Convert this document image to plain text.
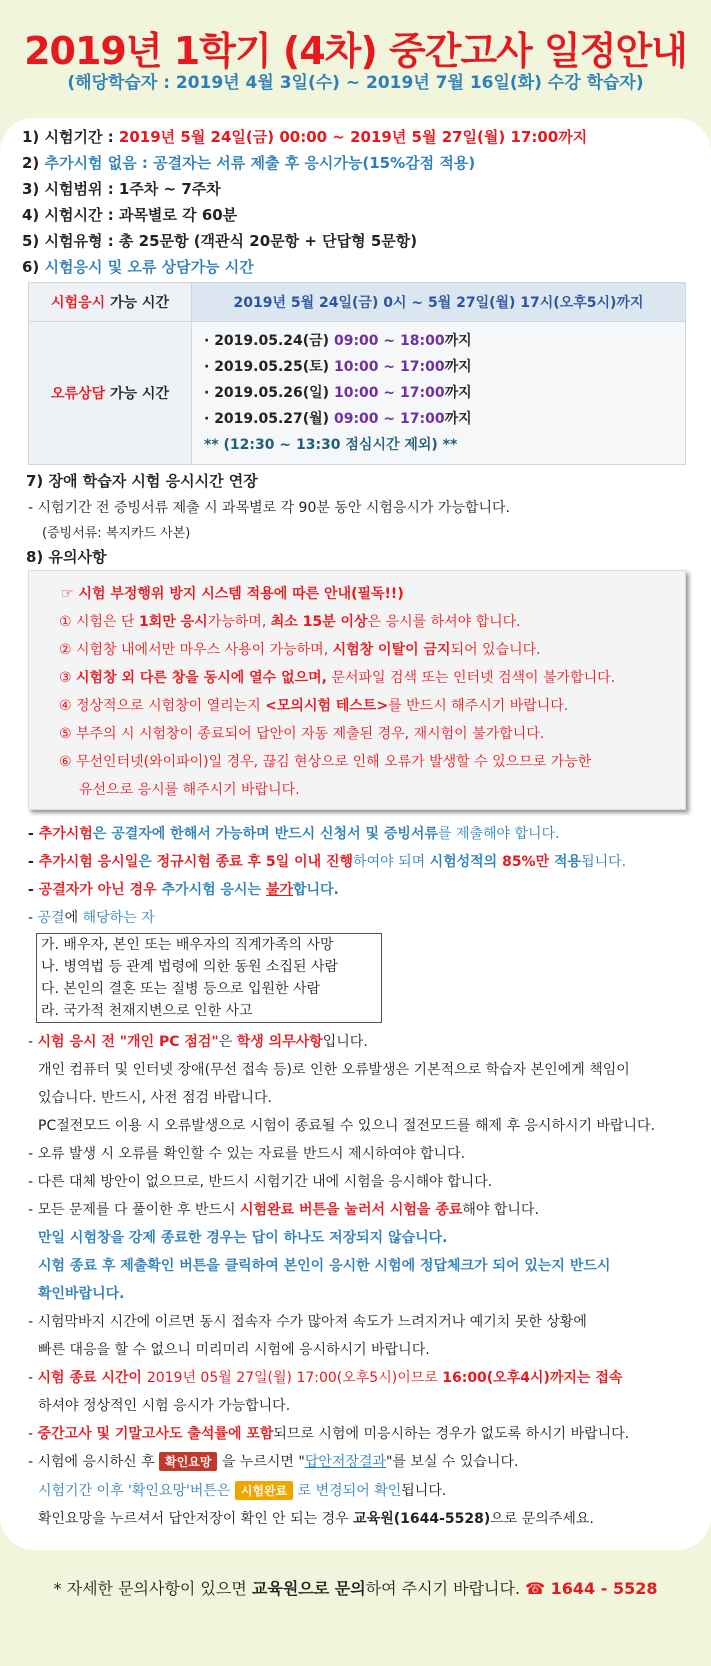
2019년 1학기 (4차) 중간고사 일정안내
(해당학습자 : 2019년 4월 3일(수) ~ 2019년 7월 16일(화) 수강 학습자)
1) 시험기간 : 2019년 5월 24일(금) 00:00 ~ 2019년 5월 27일(월) 17:00까지
2) 추가시험 없음 : 공결자는 서류 제출 후 응시가능(15%감점 적용)
3) 시험범위 : 1주차 ~ 7주차
4) 시험시간 : 과목별로 각 60분
5) 시험유형 : 총 25문항 (객관식 20문항 + 단답형 5문항)
6) 시험응시 및 오류 상담가능 시간
시험응시 가능 시간	2019년 5월 24일(금) 0시 ~ 5월 27일(월) 17시(오후5시)까지
오류상담 가능 시간	· 2019.05.24(금) 09:00 ~ 18:00까지
· 2019.05.25(토) 10:00 ~ 17:00까지
· 2019.05.26(일) 10:00 ~ 17:00까지
· 2019.05.27(월) 09:00 ~ 17:00까지
** (12:30 ~ 13:30 점심시간 제외) **
7) 장애 학습자 시험 응시시간 연장
- 시험기간 전 증빙서류 제출 시 과목별로 각 90분 동안 시험응시가 가능합니다.
(증빙서류: 복지카드 사본)
8) 유의사항
☞ 시험 부정행위 방지 시스템 적용에 따른 안내(필독!!)
① 시험은 단 1회만 응시가능하며, 최소 15분 이상은 응시를 하셔야 합니다.
② 시험창 내에서만 마우스 사용이 가능하며, 시험창 이탈이 금지되어 있습니다.
③ 시험창 외 다른 창을 동시에 열수 없으며, 문서파일 검색 또는 인터넷 검색이 불가합니다.
④ 정상적으로 시험창이 열리는지 <모의시험 테스트>를 반드시 해주시기 바랍니다.
⑤ 부주의 시 시험창이 종료되어 답안이 자동 제출된 경우, 재시험이 불가합니다.
⑥ 무선인터넷(와이파이)일 경우, 끊김 현상으로 인해 오류가 발생할 수 있으므로 가능한
유선으로 응시를 해주시기 바랍니다.
- 추가시험은 공결자에 한해서 가능하며 반드시 신청서 및 증빙서류를 제출해야 합니다.
- 추가시험 응시일은 정규시험 종료 후 5일 이내 진행하여야 되며 시험성적의 85%만 적용됩니다.
- 공결자가 아닌 경우 추가시험 응시는 불가합니다.
- 공결에 해당하는 자
가. 배우자, 본인 또는 배우자의 직계가족의 사망
나. 병역법 등 관계 법령에 의한 동원 소집된 사람
다. 본인의 결혼 또는 질병 등으로 입원한 사람
라. 국가적 천재지변으로 인한 사고
- 시험 응시 전 "개인 PC 점검"은 학생 의무사항입니다.
개인 컴퓨터 및 인터넷 장애(무선 접속 등)로 인한 오류발생은 기본적으로 학습자 본인에게 책임이
있습니다. 반드시, 사전 점검 바랍니다.
PC절전모드 이용 시 오류발생으로 시험이 종료될 수 있으니 절전모드를 해제 후 응시하시기 바랍니다.
- 오류 발생 시 오류를 확인할 수 있는 자료를 반드시 제시하여야 합니다.
- 다른 대체 방안이 없으므로, 반드시 시험기간 내에 시험을 응시해야 합니다.
- 모든 문제를 다 풀이한 후 반드시 시험완료 버튼을 눌러서 시험을 종료해야 합니다.
만일 시험창을 강제 종료한 경우는 답이 하나도 저장되지 않습니다.
시험 종료 후 제출확인 버튼을 클릭하여 본인이 응시한 시험에 정답체크가 되어 있는지 반드시
확인바랍니다.
- 시험막바지 시간에 이르면 동시 접속자 수가 많아져 속도가 느려지거나 예기치 못한 상황에
빠른 대응을 할 수 없으니 미리미리 시험에 응시하시기 바랍니다.
- 시험 종료 시간이 2019년 05월 27일(월) 17:00(오후5시)이므로 16:00(오후4시)까지는 접속
하셔야 정상적인 시험 응시가 가능합니다.
- 중간고사 및 기말고사도 출석률에 포함되므로 시험에 미응시하는 경우가 없도록 하시기 바랍니다.
- 시험에 응시하신 후 확인요망 을 누르시면 "답안저장결과"를 보실 수 있습니다.
시험기간 이후 '확인요망'버튼은 시험완료 로 변경되어 확인됩니다.
확인요망을 누르셔서 답안저장이 확인 안 되는 경우 교육원(1644-5528)으로 문의주세요.
* 자세한 문의사항이 있으면 교육원으로 문의하여 주시기 바랍니다. ☎ 1644 - 5528
